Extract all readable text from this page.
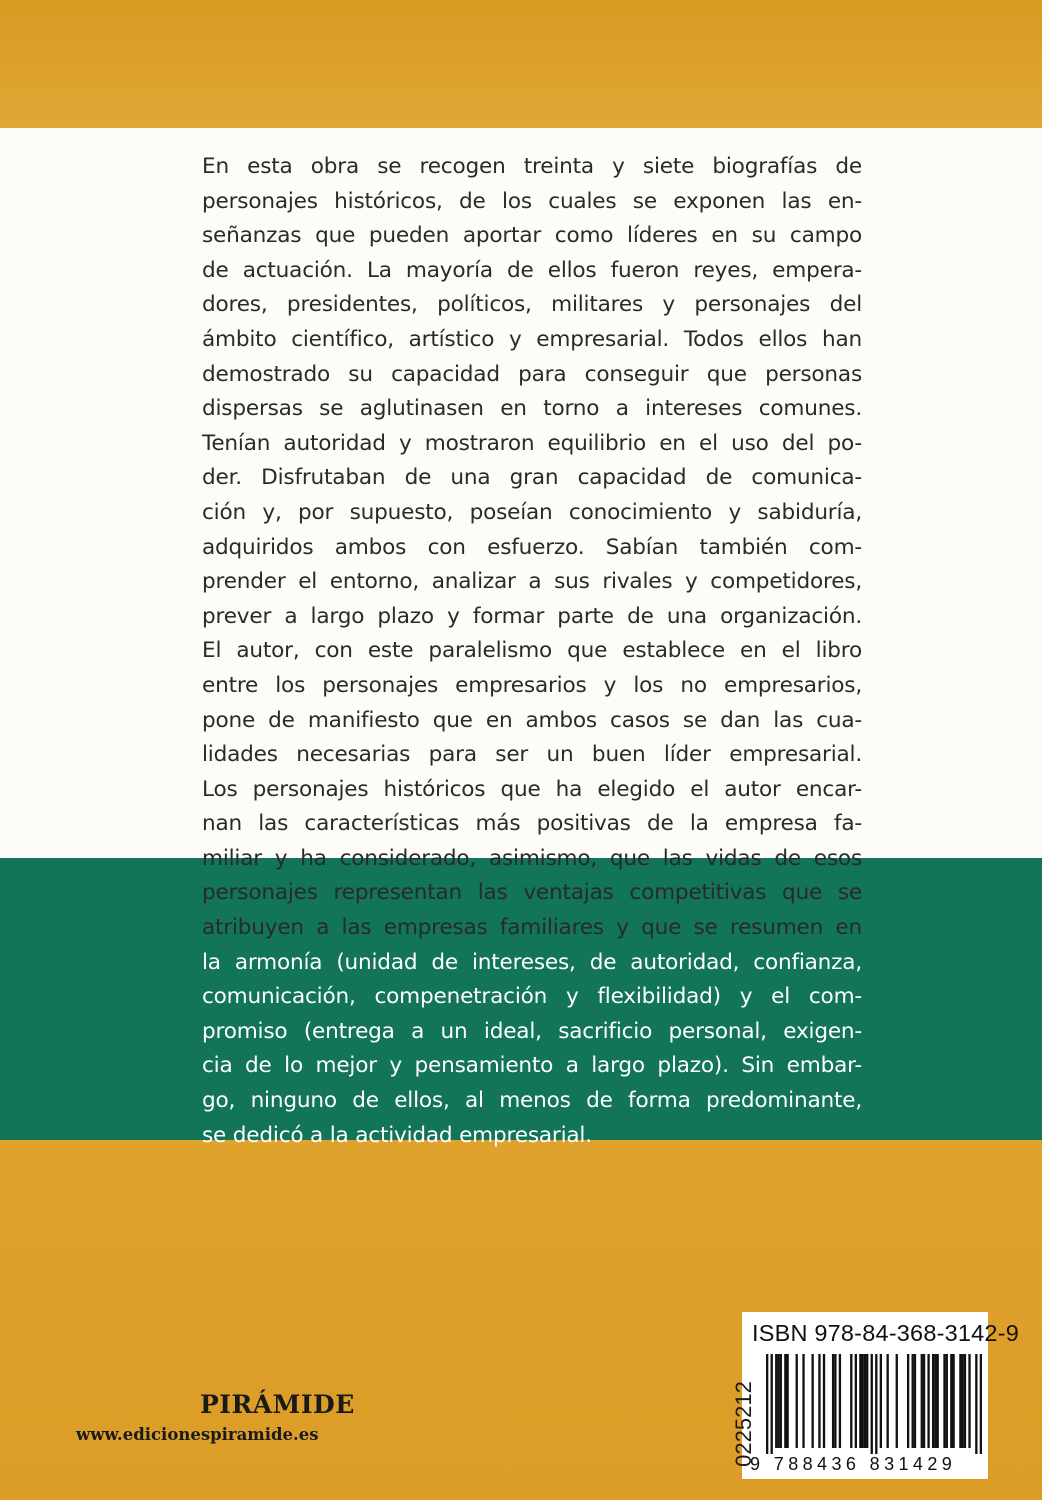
En esta obra se recogen treinta y siete biografías de
personajes históricos, de los cuales se exponen las en-
señanzas que pueden aportar como líderes en su campo
de actuación. La mayoría de ellos fueron reyes, empera-
dores, presidentes, políticos, militares y personajes del
ámbito científico, artístico y empresarial. Todos ellos han
demostrado su capacidad para conseguir que personas
dispersas se aglutinasen en torno a intereses comunes.
Tenían autoridad y mostraron equilibrio en el uso del po-
der. Disfrutaban de una gran capacidad de comunica-
ción y, por supuesto, poseían conocimiento y sabiduría,
adquiridos ambos con esfuerzo. Sabían también com-
prender el entorno, analizar a sus rivales y competidores,
prever a largo plazo y formar parte de una organización.
El autor, con este paralelismo que establece en el libro
entre los personajes empresarios y los no empresarios,
pone de manifiesto que en ambos casos se dan las cua-
lidades necesarias para ser un buen líder empresarial.
Los personajes históricos que ha elegido el autor encar-
nan las características más positivas de la empresa fa-
miliar y ha considerado, asimismo, que las vidas de esos
personajes representan las ventajas competitivas que se
atribuyen a las empresas familiares y que se resumen en
la armonía (unidad de intereses, de autoridad, confianza,
comunicación, compenetración y flexibilidad) y el com-
promiso (entrega a un ideal, sacrificio personal, exigen-
cia de lo mejor y pensamiento a largo plazo). Sin embar-
go, ninguno de ellos, al menos de forma predominante,
se dedicó a la actividad empresarial.
PIRÁMIDE
www.edicionespiramide.es
ISBN 978-84-368-3142-9
0225212
9 788436 831429
